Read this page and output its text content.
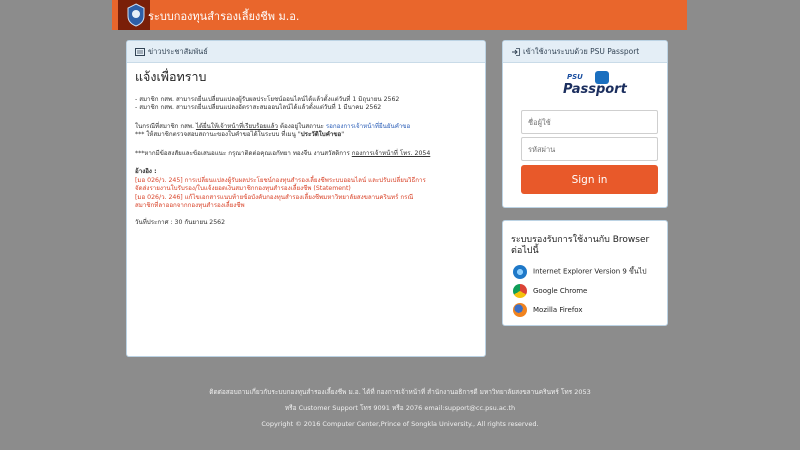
ระบบกองทุนสำรองเลี้ยงชีพ ม.อ.
ข่าวประชาสัมพันธ์
แจ้งเพื่อทราบ

- สมาชิก กสพ. สามารถยื่นเปลี่ยนแปลงผู้รับผลประโยชน์ออนไลน์ได้แล้วตั้งแต่วันที่ 1 มิถุนายน 2562

- สมาชิก กสพ. สามารถยื่นเปลี่ยนแปลงอัตราสะสมออนไลน์ได้แล้วตั้งแต่วันที่ 1 มีนาคม 2562

ในกรณีที่สมาชิก กสพ. ได้ยื่นให้เจ้าหน้าที่เรียบร้อยแล้ว ต้องอยู่ในสถานะ รอกองการเจ้าหน้าที่ยืนยันคำขอ

*** ให้สมาชิกตรวจสอบสถานะของใบคำขอได้ในระบบ ที่เมนู "ประวัติใบคำขอ"

***หากมีข้อสงสัยและข้อเสนอแนะ กรุณาติดต่อคุณเอกัทยา ทองจีน งานสวัสดิการ กองการเจ้าหน้าที่ โทร. 2054

อ้างอิง :

[มอ 026/ว. 245] การเปลี่ยนแปลงผู้รับผลประโยชน์กองทุนสำรองเลี้ยงชีพระบบออนไลน์ และปรับเปลี่ยนวิธีการ

จัดส่งรายงานใบรับรอง/ใบแจ้งยอดเงินสมาชิกกองทุนสำรองเลี้ยงชีพ (Statement)

[มอ 026/ว. 246] แก้ไขเอกสารแนบท้ายข้อบังคับกองทุนสำรองเลี้ยงชีพมหาวิทยาลัยสงขลานครินทร์ กรณี

สมาชิกที่ลาออกจากกองทุนสำรองเลี้ยงชีพ

วันที่ประกาศ : 30 กันยายน 2562

เข้าใช้งานระบบด้วย PSU Passport
PSU
Passport
ชื่อผู้ใช้
Sign in
ระบบรองรับการใช้งานกับ Browser ต่อไปนี้
Internet Explorer Version 9 ขึ้นไป
Google Chrome
Mozilla Firefox
ติดต่อสอบถามเกี่ยวกับระบบกองทุนสำรองเลี้ยงชีพ ม.อ. ได้ที่ กองการเจ้าหน้าที่ สำนักงานอธิการดี มหาวิทยาลัยสงขลานครินทร์ โทร 2053
หรือ Customer Support โทร 9091 หรือ 2076 email:support@cc.psu.ac.th
Copyright © 2016 Computer Center,Prince of Songkla University., All rights reserved.
